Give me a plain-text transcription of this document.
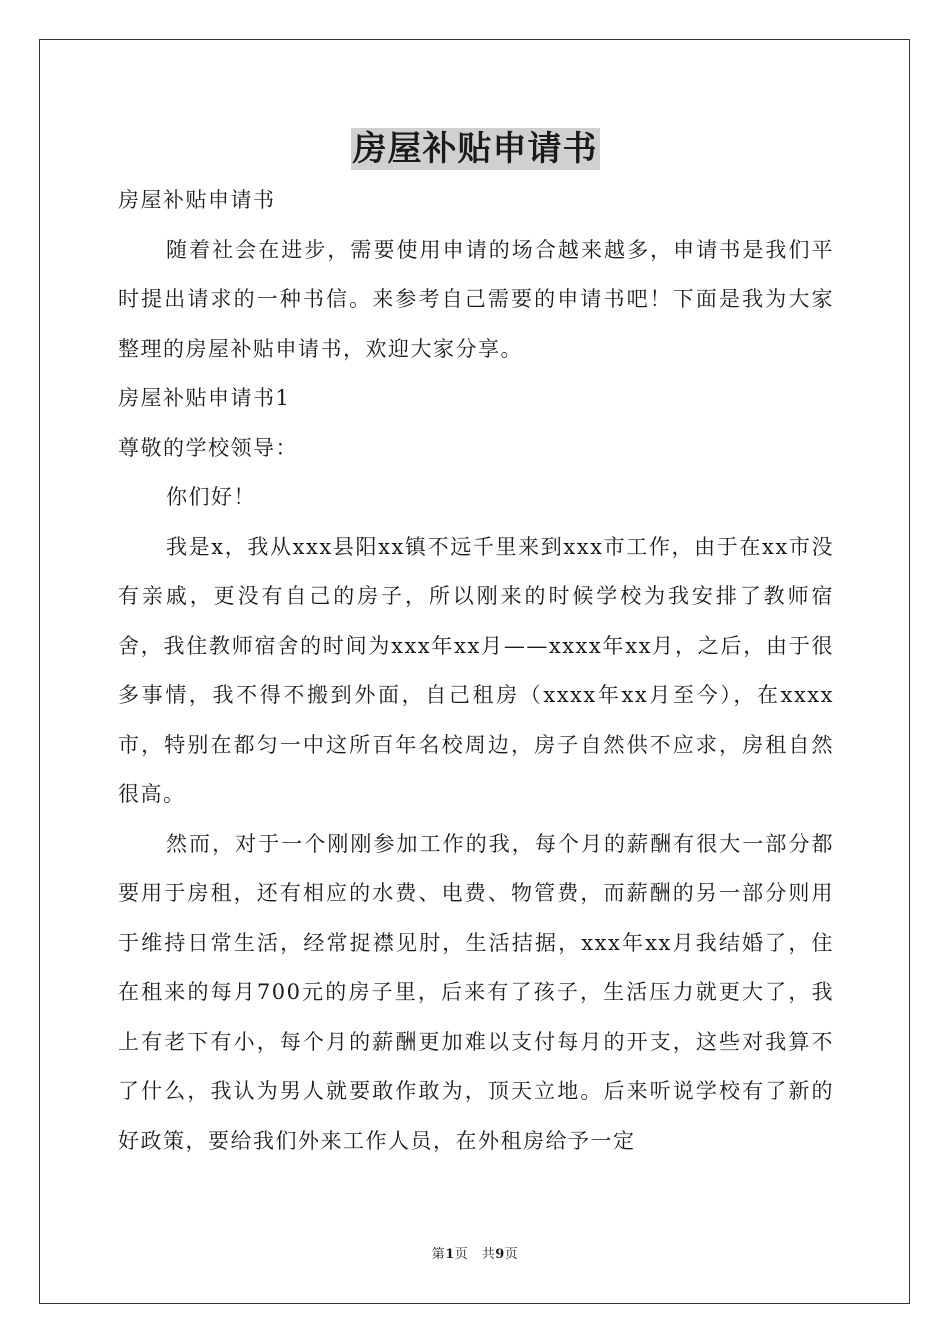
房屋补贴申请书

房屋补贴申请书

随着社会在进步，需要使用申请的场合越来越多，申请书是我们平时提出请求的一种书信。来参考自己需要的申请书吧！下面是我为大家整理的房屋补贴申请书，欢迎大家分享。

房屋补贴申请书1

尊敬的学校领导：

你们好！

我是x，我从xxx县阳xx镇不远千里来到xxx市工作，由于在xx市没有亲戚，更没有自己的房子，所以刚来的时候学校为我安排了教师宿舍，我住教师宿舍的时间为xxx年xx月——xxxx年xx月，之后，由于很多事情，我不得不搬到外面，自己租房（xxxx年xx月至今），在xxxx市，特别在都匀一中这所百年名校周边，房子自然供不应求，房租自然很高。

然而，对于一个刚刚参加工作的我，每个月的薪酬有很大一部分都要用于房租，还有相应的水费、电费、物管费，而薪酬的另一部分则用于维持日常生活，经常捉襟见肘，生活拮据，xxx年xx月我结婚了，住在租来的每月700元的房子里，后来有了孩子，生活压力就更大了，我上有老下有小，每个月的薪酬更加难以支付每月的开支，这些对我算不了什么，我认为男人就要敢作敢为，顶天立地。后来听说学校有了新的好政策，要给我们外来工作人员，在外租房给予一定

第1页　共9页
